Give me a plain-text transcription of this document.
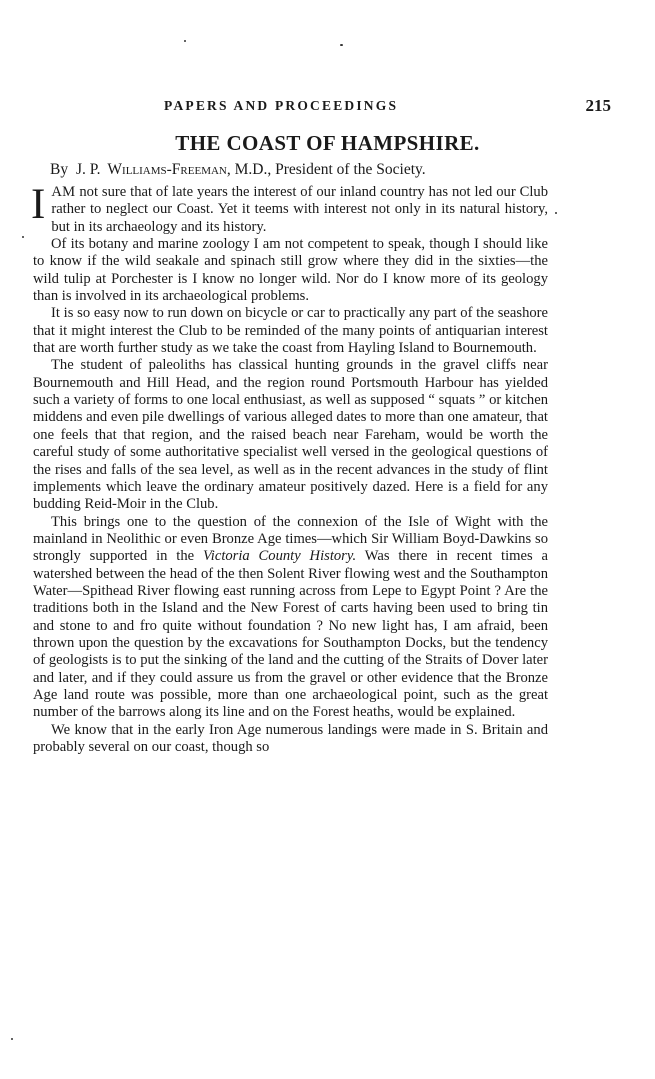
PAPERS AND PROCEEDINGS	215
THE COAST OF HAMPSHIRE.

By J. P. Williams-Freeman, M.D., President of the Society.

IAM not sure that of late years the interest of our inland country has not led our Club rather to neglect our Coast. Yet it teems with interest not only in its natural history, but in its archaeology and its history.

Of its botany and marine zoology I am not competent to speak, though I should like to know if the wild seakale and spinach still grow where they did in the sixties—the wild tulip at Porchester is I know no longer wild. Nor do I know more of its geology than is involved in its archaeological problems.

It is so easy now to run down on bicycle or car to practically any part of the seashore that it might interest the Club to be reminded of the many points of antiquarian interest that are worth further study as we take the coast from Hayling Island to Bournemouth.

The student of paleoliths has classical hunting grounds in the gravel cliffs near Bournemouth and Hill Head, and the region round Portsmouth Harbour has yielded such a variety of forms to one local enthusiast, as well as supposed “ squats ” or kitchen middens and even pile dwellings of various alleged dates to more than one amateur, that one feels that that region, and the raised beach near Fareham, would be worth the careful study of some authoritative specialist well versed in the geological questions of the rises and falls of the sea level, as well as in the recent advances in the study of flint implements which leave the ordinary amateur positively dazed. Here is a field for any budding Reid-Moir in the Club.

This brings one to the question of the connexion of the Isle of Wight with the mainland in Neolithic or even Bronze Age times—which Sir William Boyd-Dawkins so strongly supported in the Victoria County History. Was there in recent times a watershed between the head of the then Solent River flowing west and the Southampton Water—Spithead River flowing east running across from Lepe to Egypt Point ? Are the traditions both in the Island and the New Forest of carts having been used to bring tin and stone to and fro quite without foundation ? No new light has, I am afraid, been thrown upon the question by the excavations for Southampton Docks, but the tendency of geologists is to put the sinking of the land and the cutting of the Straits of Dover later and later, and if they could assure us from the gravel or other evidence that the Bronze Age land route was possible, more than one archaeological point, such as the great number of the barrows along its line and on the Forest heaths, would be explained.

We know that in the early Iron Age numerous landings were made in S. Britain and probably several on our coast, though so
